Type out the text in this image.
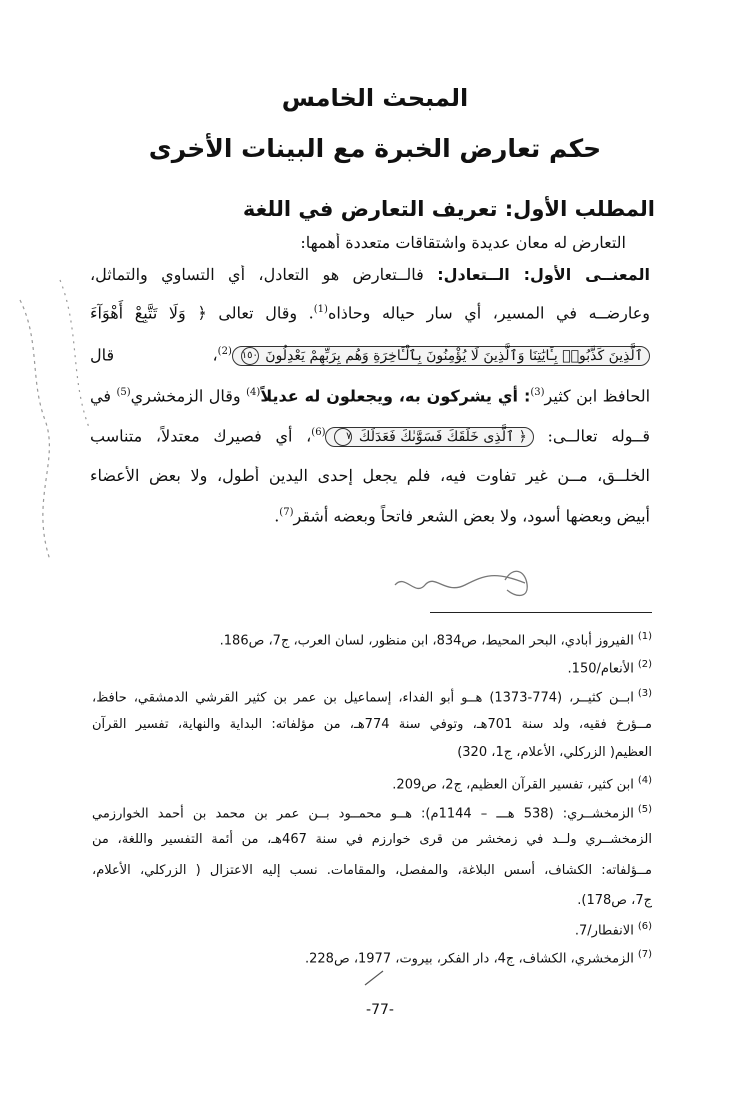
المبحث الخامس
حكم تعارض الخبرة مع البينات الأخرى
المطلب الأول: تعريف التعارض في اللغة
التعارض له معان عديدة واشتقاقات متعددة أهمها:
المعنــى الأول: الــتعادل: فالــتعارض هو التعادل، أي التساوي والتماثل،
وعارضــه في المسير، أي سار حياله وحاذاه$^{(1)}$. وقال تعالى ﴿ وَلَا تَتَّبِعْ أَهْوَآءَ
ٱلَّذِينَ كَذَّبُوا۟ بِـَٔايَٰتِنَا وَٱلَّذِينَ لَا يُؤْمِنُونَ بِٱلْـَٔاخِرَةِ وَهُم بِرَبِّهِمْ يَعْدِلُونَ ١٥٠$^{(2)}$، قال
الحافظ ابن كثير$^{(3)}$: أي يشركون به، ويجعلون له عديلاً$^{(4)}$ وقال الزمخشري$^{(5)}$ في
قــوله تعالــى: ﴿ ٱلَّذِى خَلَقَكَ فَسَوَّىٰكَ فَعَدَلَكَ ٧$^{(6)}$، أي فصيرك معتدلاً، متناسب
الخلــق، مــن غير تفاوت فيه، فلم يجعل إحدى اليدين أطول، ولا بعض الأعضاء
أبيض وبعضها أسود، ولا بعض الشعر فاتحاً وبعضه أشقر$^{(7)}$.
(1)الفيروز أبادي، البحر المحيط، ص834، ابن منظور، لسان العرب، ج7، ص186.
(2)الأنعام/150.
(3)ابــن كثيــر، (774-1373) هــو أبو الفداء، إسماعيل بن عمر بن كثير القرشي الدمشقي، حافظ،
مــؤرخ فقيه، ولد سنة 701هـ، وتوفي سنة 774هـ، من مؤلفاته: البداية والنهاية، تفسير القرآن
العظيم( الزركلي، الأعلام، ج1، 320)
(4)ابن كثير، تفسير القرآن العظيم، ج2، ص209.
(5)الزمخشــري: (538 هـــ – 1144م): هــو محمــود بــن عمر بن محمد بن أحمد الخوارزمي
الزمخشــري ولــد في زمخشر من قرى خوارزم في سنة 467هـ، من أئمة التفسير واللغة، من
مــؤلفاته: الكشاف، أسس البلاغة، والمفصل، والمقامات. نسب إليه الاعتزال ( الزركلي، الأعلام،
ج7، ص178).
(6)الانفطار/7.
(7)الزمخشري، الكشاف، ج4، دار الفكر، بيروت، 1977، ص228.
-77-
